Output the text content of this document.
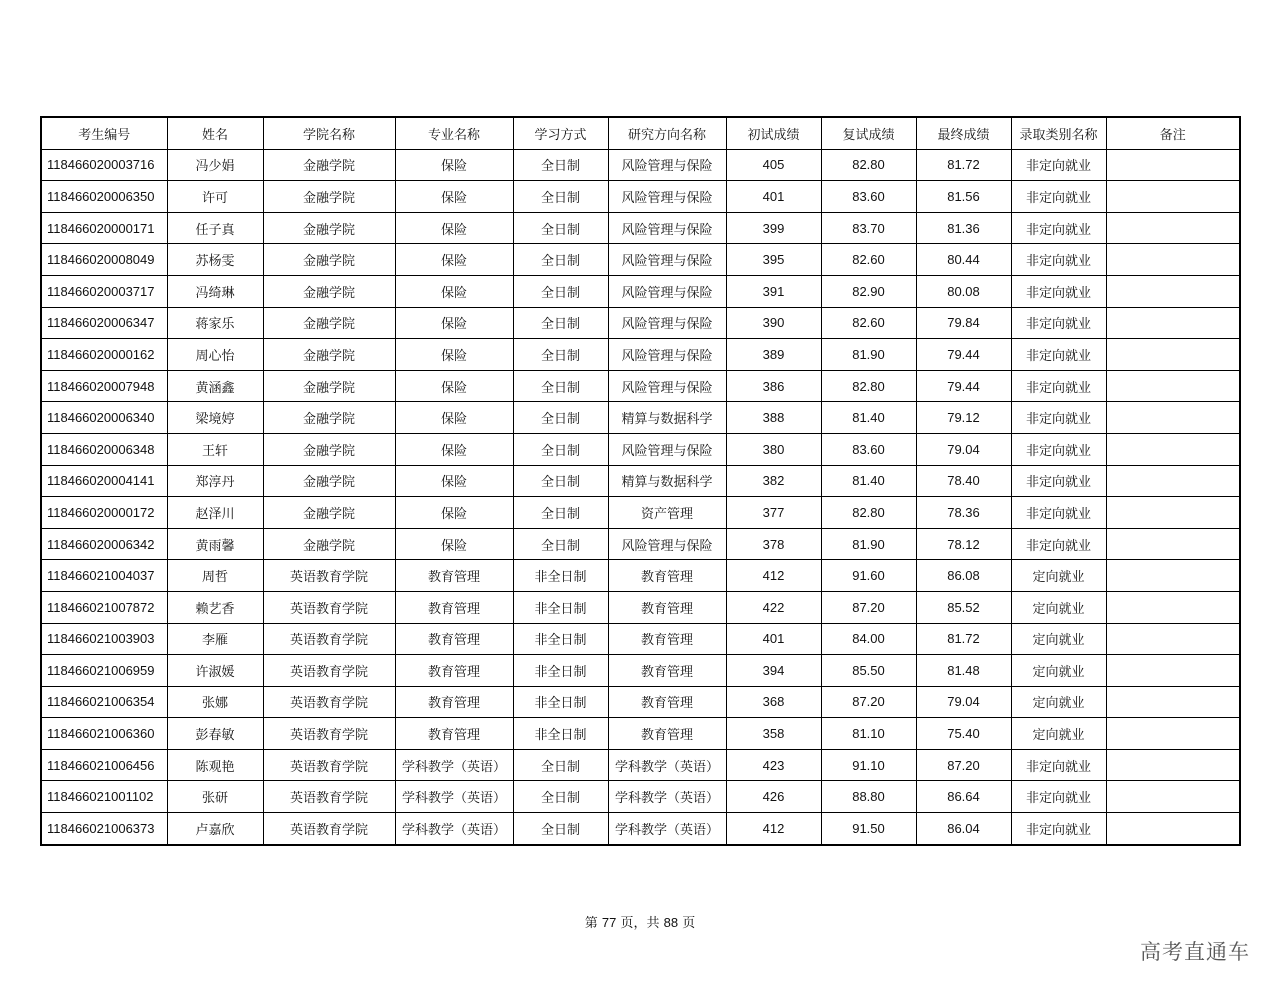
考生编号	姓名	学院名称	专业名称	学习方式	研究方向名称	初试成绩	复试成绩	最终成绩	录取类别名称	备注
118466020003716	冯少娟	金融学院	保险	全日制	风险管理与保险	405	82.80	81.72	非定向就业	
118466020006350	许可	金融学院	保险	全日制	风险管理与保险	401	83.60	81.56	非定向就业	
118466020000171	任子真	金融学院	保险	全日制	风险管理与保险	399	83.70	81.36	非定向就业	
118466020008049	苏杨雯	金融学院	保险	全日制	风险管理与保险	395	82.60	80.44	非定向就业	
118466020003717	冯绮琳	金融学院	保险	全日制	风险管理与保险	391	82.90	80.08	非定向就业	
118466020006347	蒋家乐	金融学院	保险	全日制	风险管理与保险	390	82.60	79.84	非定向就业	
118466020000162	周心怡	金融学院	保险	全日制	风险管理与保险	389	81.90	79.44	非定向就业	
118466020007948	黄涵鑫	金融学院	保险	全日制	风险管理与保险	386	82.80	79.44	非定向就业	
118466020006340	梁境婷	金融学院	保险	全日制	精算与数据科学	388	81.40	79.12	非定向就业	
118466020006348	王轩	金融学院	保险	全日制	风险管理与保险	380	83.60	79.04	非定向就业	
118466020004141	郑淳丹	金融学院	保险	全日制	精算与数据科学	382	81.40	78.40	非定向就业	
118466020000172	赵泽川	金融学院	保险	全日制	资产管理	377	82.80	78.36	非定向就业	
118466020006342	黄雨馨	金融学院	保险	全日制	风险管理与保险	378	81.90	78.12	非定向就业	
118466021004037	周哲	英语教育学院	教育管理	非全日制	教育管理	412	91.60	86.08	定向就业	
118466021007872	赖艺香	英语教育学院	教育管理	非全日制	教育管理	422	87.20	85.52	定向就业	
118466021003903	李雁	英语教育学院	教育管理	非全日制	教育管理	401	84.00	81.72	定向就业	
118466021006959	许淑媛	英语教育学院	教育管理	非全日制	教育管理	394	85.50	81.48	定向就业	
118466021006354	张娜	英语教育学院	教育管理	非全日制	教育管理	368	87.20	79.04	定向就业	
118466021006360	彭春敏	英语教育学院	教育管理	非全日制	教育管理	358	81.10	75.40	定向就业	
118466021006456	陈观艳	英语教育学院	学科教学（英语）	全日制	学科教学（英语）	423	91.10	87.20	非定向就业	
118466021001102	张研	英语教育学院	学科教学（英语）	全日制	学科教学（英语）	426	88.80	86.64	非定向就业	
118466021006373	卢嘉欣	英语教育学院	学科教学（英语）	全日制	学科教学（英语）	412	91.50	86.04	非定向就业	
第 77 页，共 88 页
高考直通车
